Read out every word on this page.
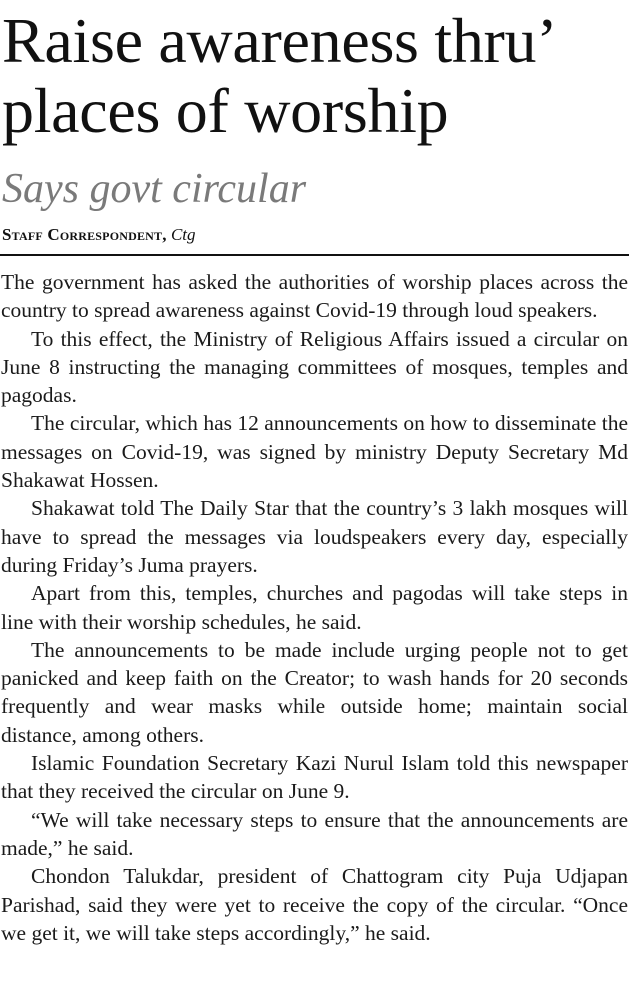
Raise awareness thru’
places of worship
Says govt circular
Staff Correspondent, Ctg

The government has asked the authorities of worship places across the country to spread awareness against Covid-19 through loud speakers.

To this effect, the Ministry of Religious Affairs issued a circular on June 8 instructing the managing committees of mosques, temples and pagodas.

The circular, which has 12 announcements on how to disseminate the messages on Covid-19, was signed by ministry Deputy Secretary Md Shakawat Hossen.

Shakawat told The Daily Star that the country’s 3 lakh mosques will have to spread the messages via loudspeakers every day, especially during Friday’s Juma prayers.

Apart from this, temples, churches and pagodas will take steps in line with their worship schedules, he said.

The announcements to be made include urging people not to get panicked and keep faith on the Creator; to wash hands for 20 seconds frequently and wear masks while outside home; maintain social distance, among others.

Islamic Foundation Secretary Kazi Nurul Islam told this newspaper that they received the circular on June 9.

“We will take necessary steps to ensure that the announcements are made,” he said.

Chondon Talukdar, president of Chattogram city Puja Udjapan Parishad, said they were yet to receive the copy of the circular. “Once we get it, we will take steps accordingly,” he said.
